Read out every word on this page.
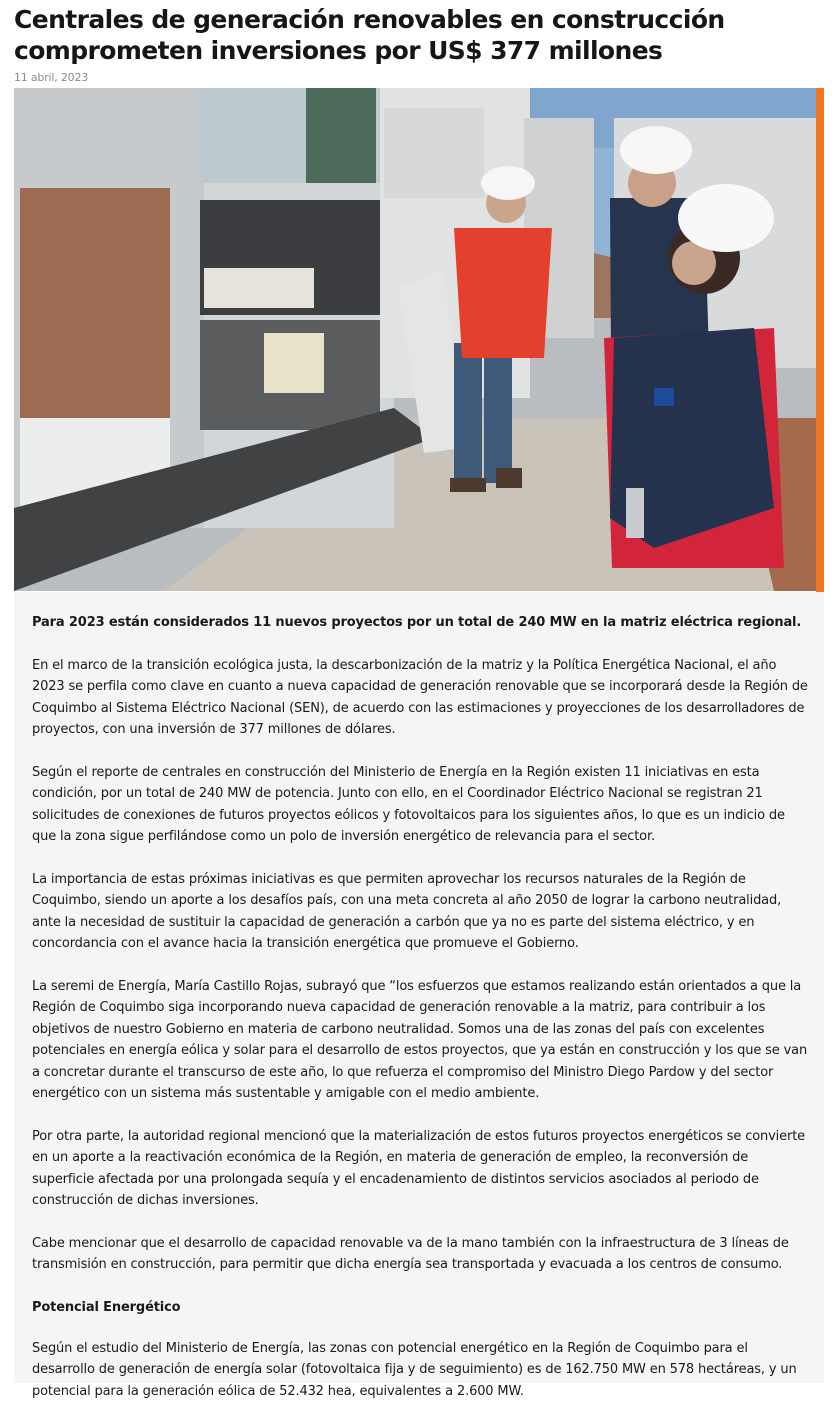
Centrales de generación renovables en construcción comprometen inversiones por US$ 377 millones
11 abril, 2023

Para 2023 están considerados 11 nuevos proyectos por un total de 240 MW en la matriz eléctrica regional.

En el marco de la transición ecológica justa, la descarbonización de la matriz y la Política Energética Nacional, el año 2023 se perfila como clave en cuanto a nueva capacidad de generación renovable que se incorporará desde la Región de Coquimbo al Sistema Eléctrico Nacional (SEN), de acuerdo con las estimaciones y proyecciones de los desarrolladores de proyectos, con una inversión de 377 millones de dólares.

Según el reporte de centrales en construcción del Ministerio de Energía en la Región existen 11 iniciativas en esta condición, por un total de 240 MW de potencia. Junto con ello, en el Coordinador Eléctrico Nacional se registran 21 solicitudes de conexiones de futuros proyectos eólicos y fotovoltaicos para los siguientes años, lo que es un indicio de que la zona sigue perfilándose como un polo de inversión energético de relevancia para el sector.

La importancia de estas próximas iniciativas es que permiten aprovechar los recursos naturales de la Región de Coquimbo, siendo un aporte a los desafíos país, con una meta concreta al año 2050 de lograr la carbono neutralidad, ante la necesidad de sustituir la capacidad de generación a carbón que ya no es parte del sistema eléctrico, y en concordancia con el avance hacia la transición energética que promueve el Gobierno.

La seremi de Energía, María Castillo Rojas, subrayó que “los esfuerzos que estamos realizando están orientados a que la Región de Coquimbo siga incorporando nueva capacidad de generación renovable a la matriz, para contribuir a los objetivos de nuestro Gobierno en materia de carbono neutralidad. Somos una de las zonas del país con excelentes potenciales en energía eólica y solar para el desarrollo de estos proyectos, que ya están en construcción y los que se van a concretar durante el transcurso de este año, lo que refuerza el compromiso del Ministro Diego Pardow y del sector energético con un sistema más sustentable y amigable con el medio ambiente.

Por otra parte, la autoridad regional mencionó que la materialización de estos futuros proyectos energéticos se convierte en un aporte a la reactivación económica de la Región, en materia de generación de empleo, la reconversión de superficie afectada por una prolongada sequía y el encadenamiento de distintos servicios asociados al periodo de construcción de dichas inversiones.

Cabe mencionar que el desarrollo de capacidad renovable va de la mano también con la infraestructura de 3 líneas de transmisión en construcción, para permitir que dicha energía sea transportada y evacuada a los centros de consumo.

Potencial Energético

Según el estudio del Ministerio de Energía, las zonas con potencial energético en la Región de Coquimbo para el desarrollo de generación de energía solar (fotovoltaica fija y de seguimiento) es de 162.750 MW en 578 hectáreas, y un potencial para la generación eólica de 52.432 hea, equivalentes a 2.600 MW.
